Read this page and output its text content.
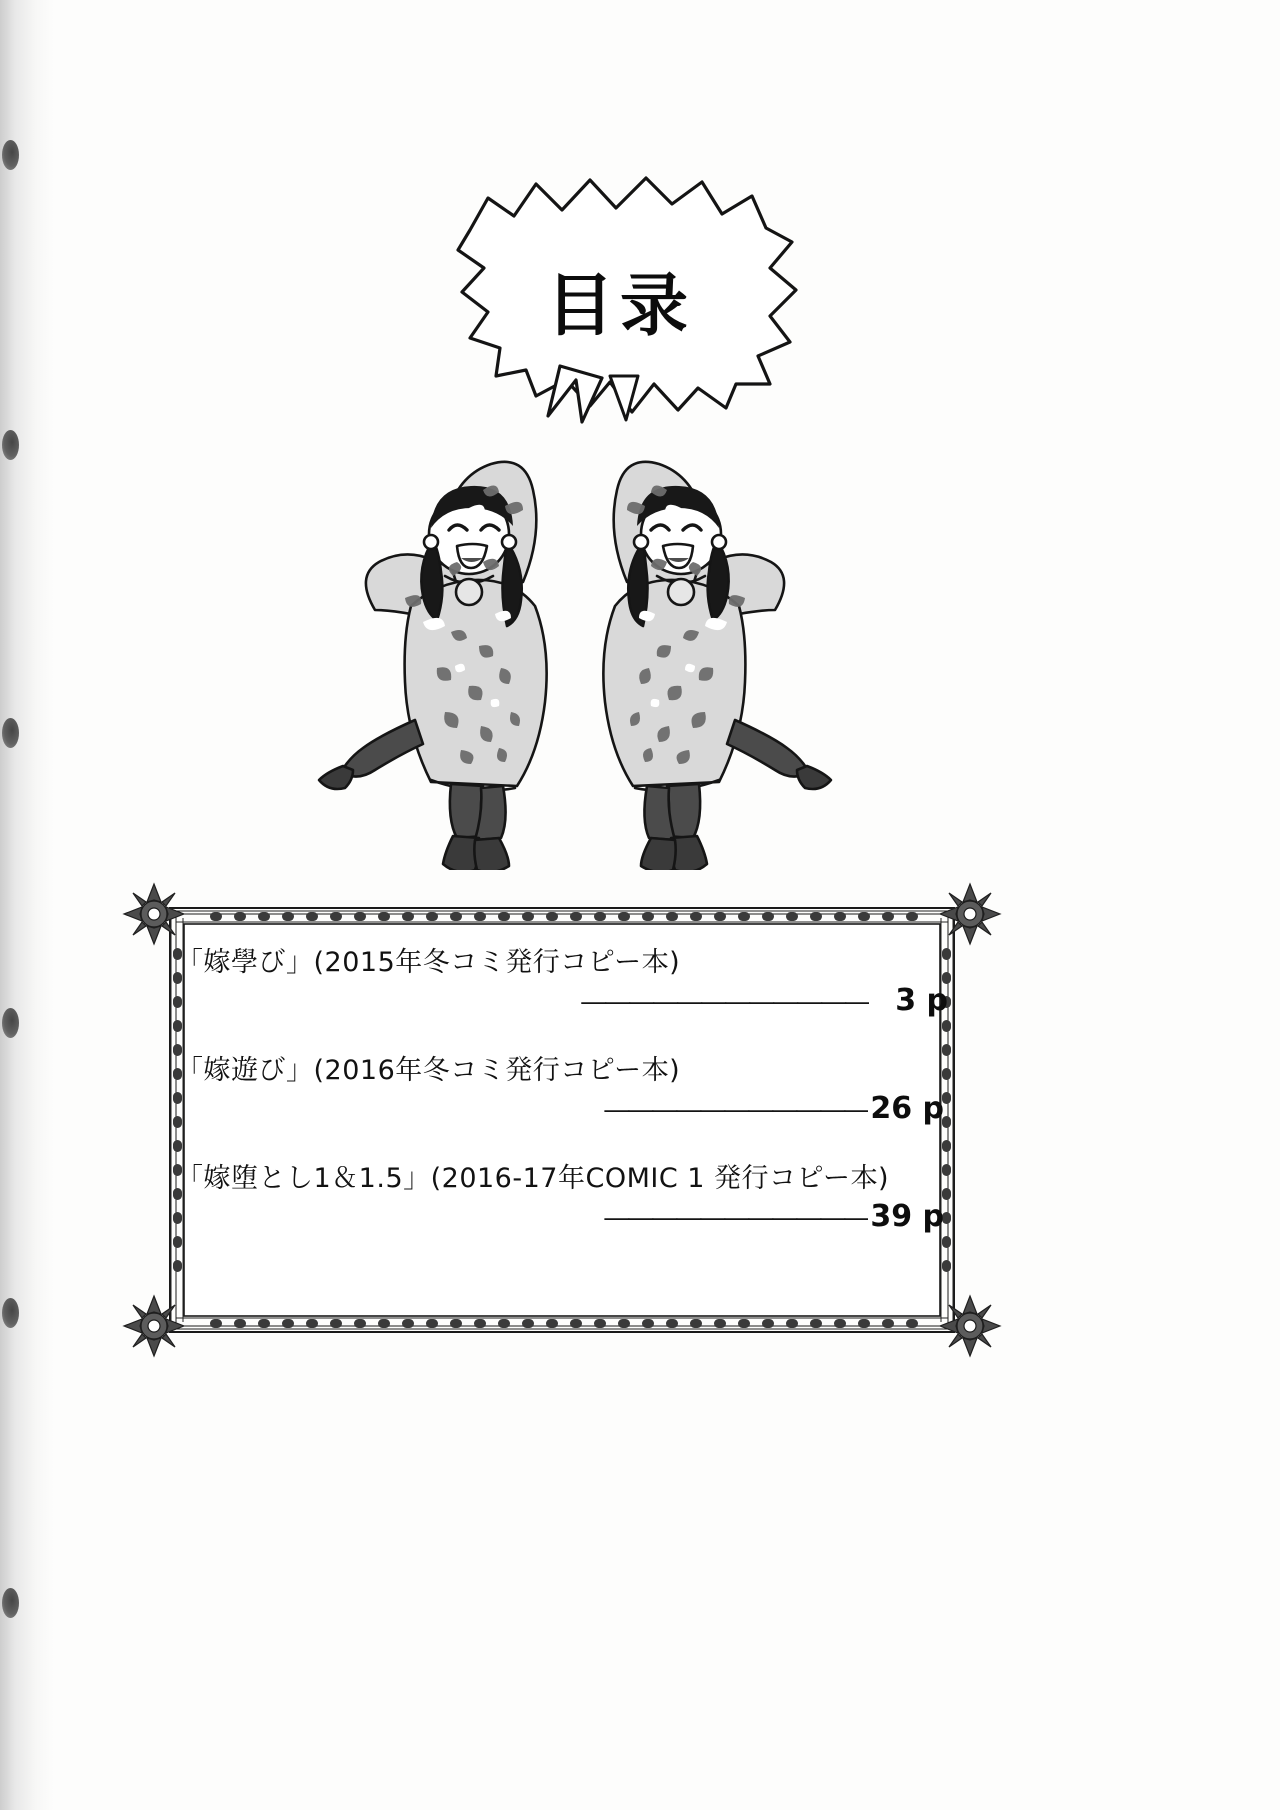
目录
「嫁學び」(2015年冬コミ発行コピー本)
―――――――――――― 3 p
「嫁遊び」(2016年冬コミ発行コピー本)
――――――――――― 26 p
「嫁堕とし1＆1.5」(2016-17年COMIC 1 発行コピー本)
――――――――――― 39 p
